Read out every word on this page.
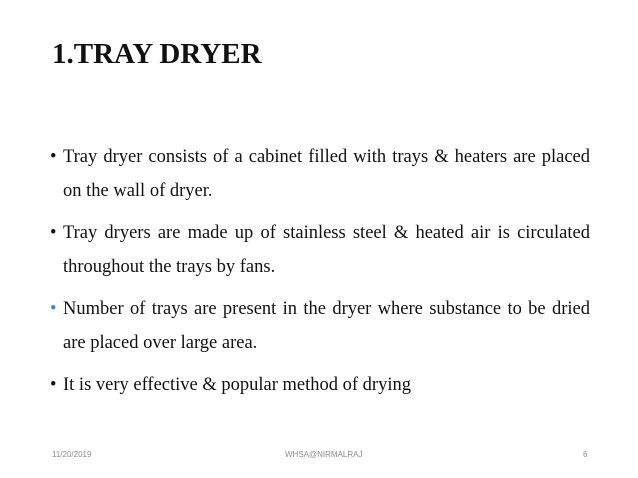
1.TRAY DRYER
• Tray dryer consists of a cabinet filled with trays & heaters are placed on the wall of dryer.
• Tray dryers are made up of stainless steel & heated air is circulated throughout the trays by fans.
• Number of trays are present in the dryer where substance to be dried are placed over large area.
• It is very effective & popular method of drying
11/20/2019	WHSA@NIRMALRAJ	6
